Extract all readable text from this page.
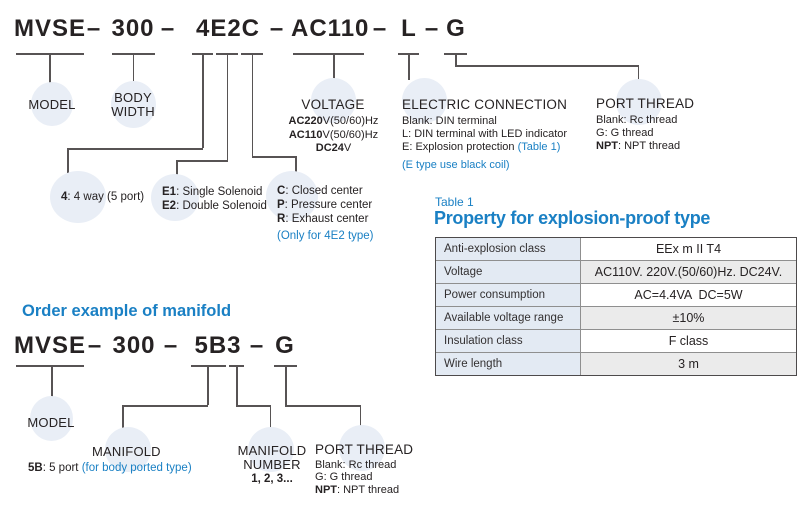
MVSE – 300 – 4E2C – AC110 – L – G
MODEL	BODY
WIDTH
4: 4 way (5 port) E1: Single Solenoid
E2: Double Solenoid
C: Closed center
P: Pressure center
R: Exhaust center
(Only for 4E2 type)
VOLTAGE
AC220V(50/60)Hz
AC110V(50/60)Hz
DC24V
ELECTRIC CONNECTION
Blank: DIN terminal
L: DIN terminal with LED indicator
E: Explosion protection (Table 1)
(E type use black coil)
PORT THREAD
Blank: Rc thread
G: G thread
NPT: NPT thread
Table 1
Property for explosion-proof type
Anti-explosion class	EEx m II T4
Voltage	AC110V. 220V.(50/60)Hz. DC24V.
Power consumption	AC=4.4VA  DC=5W
Available voltage range	±10%
Insulation class	F class
Wire length	3 m
Order example of manifold
MVSE – 300 – 5B3 – G
MODEL
MANIFOLD
5B: 5 port (for body ported type)
MANIFOLD
NUMBER
1, 2, 3...
PORT THREAD
Blank: Rc thread
G: G thread
NPT: NPT thread
